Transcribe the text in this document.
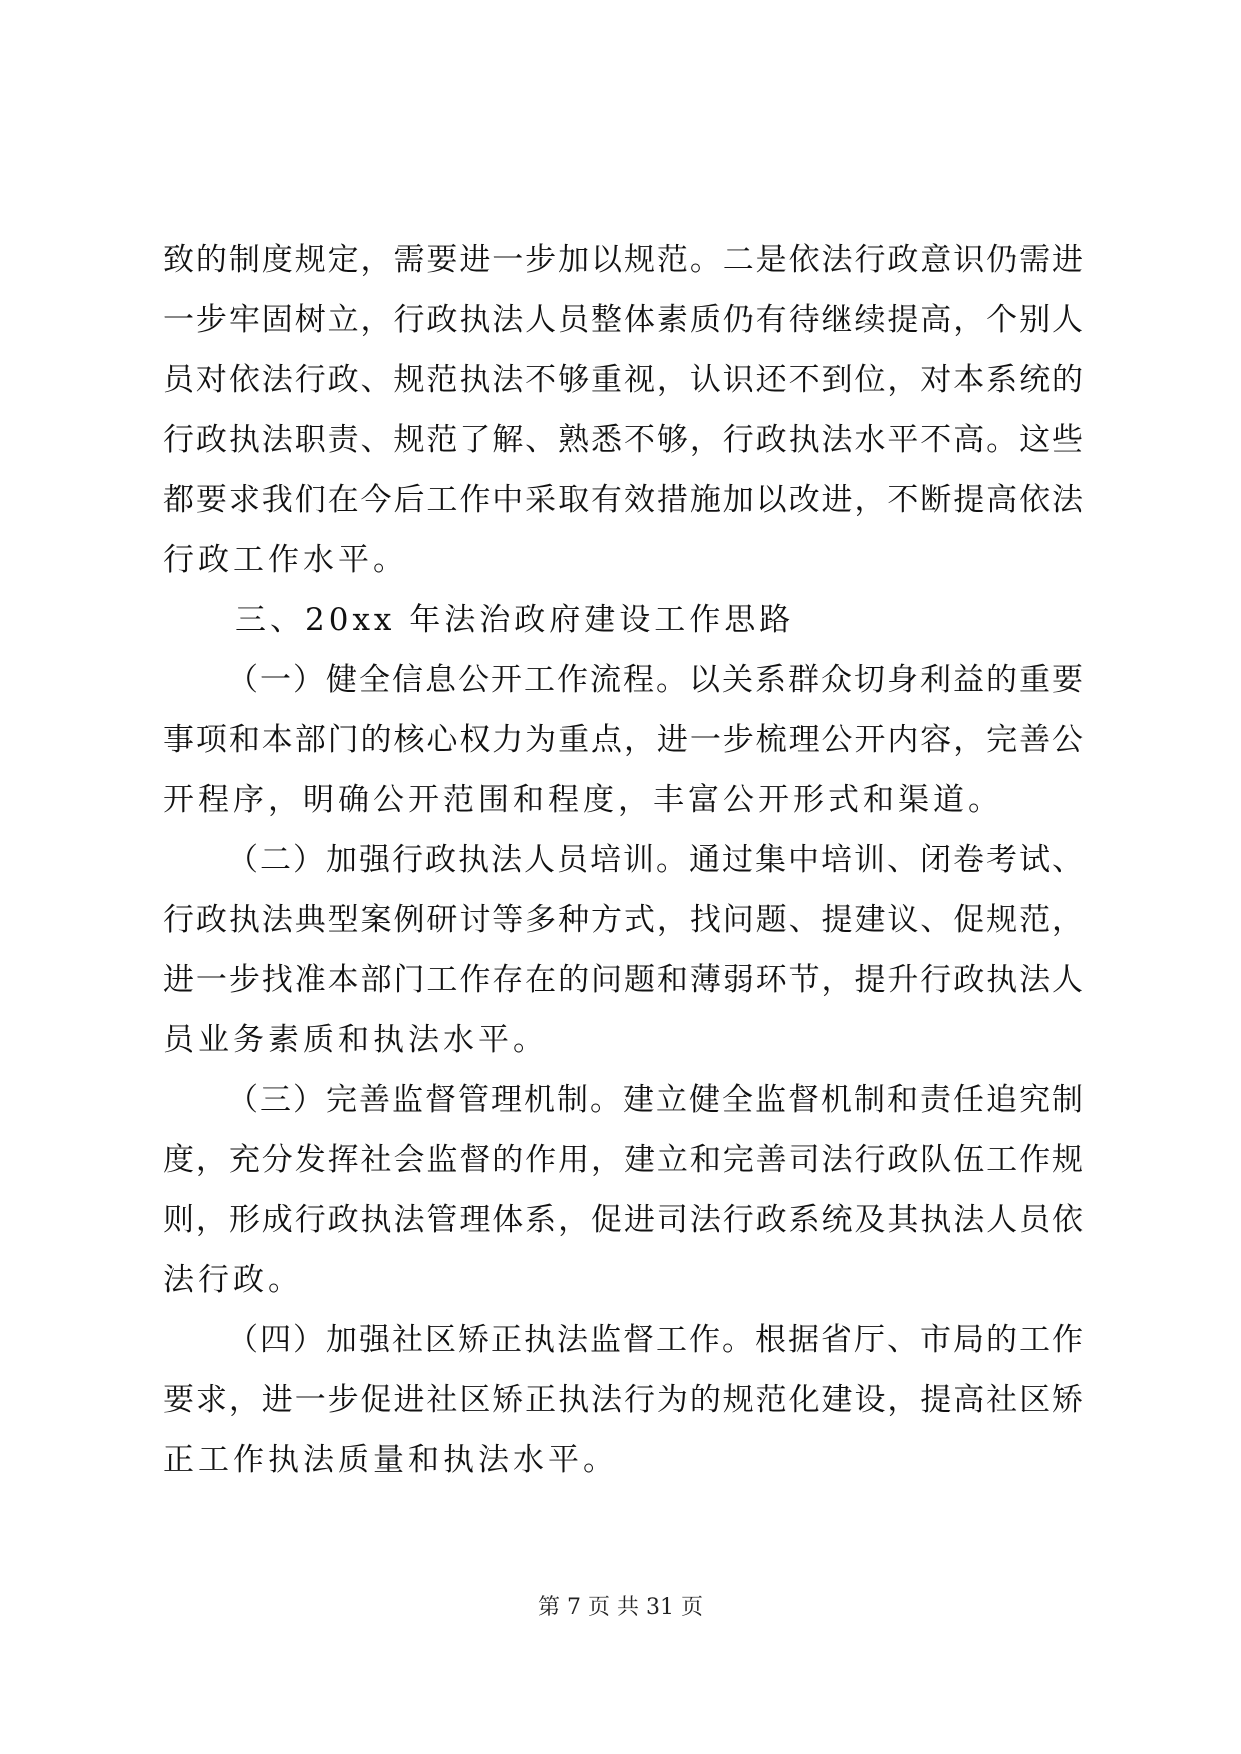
致的制度规定，需要进一步加以规范。二是依法行政意识仍需进
一步牢固树立，行政执法人员整体素质仍有待继续提高，个别人
员对依法行政、规范执法不够重视，认识还不到位，对本系统的
行政执法职责、规范了解、熟悉不够，行政执法水平不高。这些
都要求我们在今后工作中采取有效措施加以改进，不断提高依法
行政工作水平。
三、20xx 年法治政府建设工作思路
（一）健全信息公开工作流程。以关系群众切身利益的重要
事项和本部门的核心权力为重点，进一步梳理公开内容，完善公
开程序，明确公开范围和程度，丰富公开形式和渠道。
（二）加强行政执法人员培训。通过集中培训、闭卷考试、
行政执法典型案例研讨等多种方式，找问题、提建议、促规范，
进一步找准本部门工作存在的问题和薄弱环节，提升行政执法人
员业务素质和执法水平。
（三）完善监督管理机制。建立健全监督机制和责任追究制
度，充分发挥社会监督的作用，建立和完善司法行政队伍工作规
则，形成行政执法管理体系，促进司法行政系统及其执法人员依
法行政。
（四）加强社区矫正执法监督工作。根据省厅、市局的工作
要求，进一步促进社区矫正执法行为的规范化建设，提高社区矫
正工作执法质量和执法水平。
第 7 页 共 31 页
